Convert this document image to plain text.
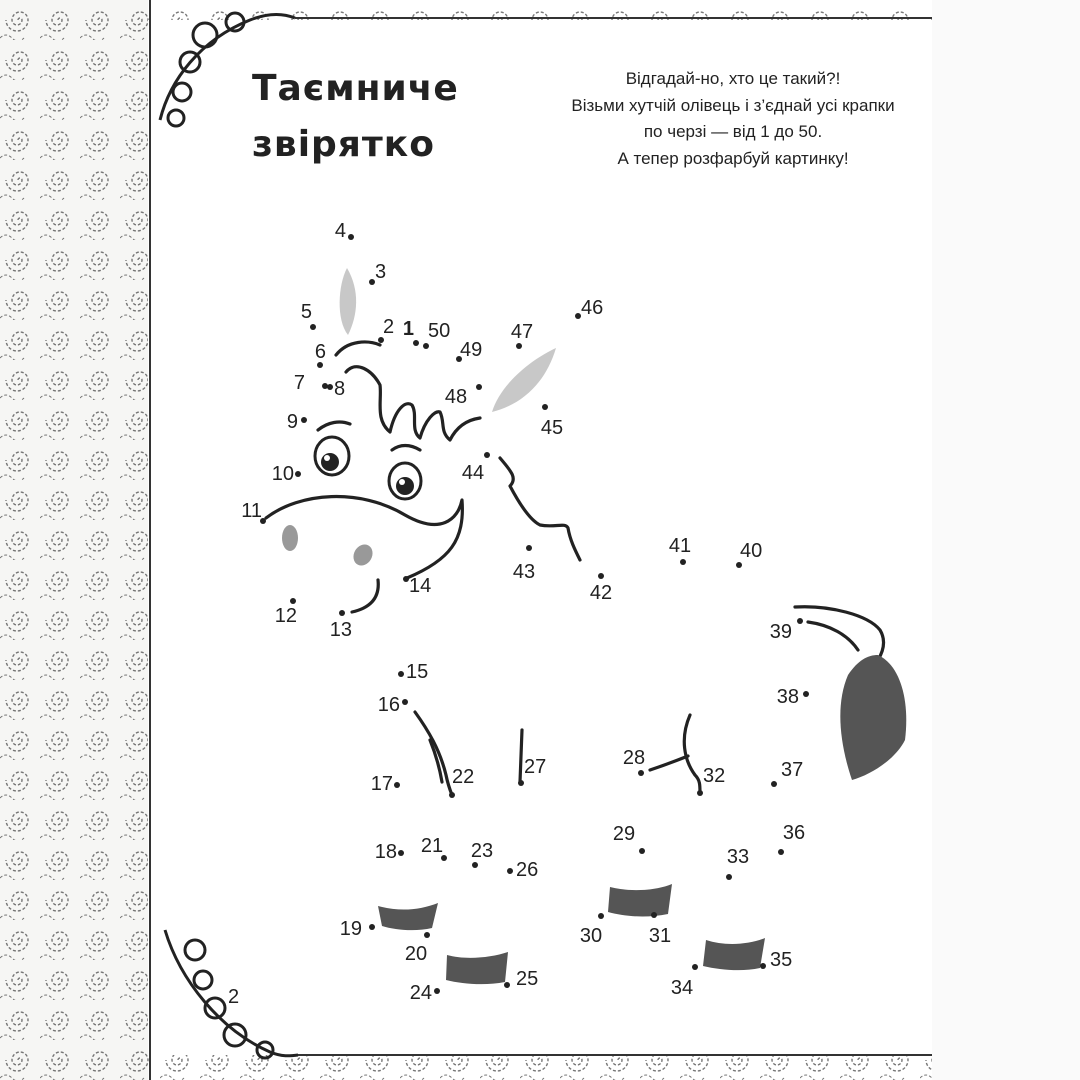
Таємниче
звірятко
Відгадай-но, хто це такий?!
Візьми хутчій олівець і з’єднай усі крапки
по черзі — від 1 до 50.
А тепер розфарбуй картинку!
1
2
3
4
5
6
7 8
9
10
11
12
13
14
15
16
17
18
19
20
21
22
23
24
25
26
27	28
29
30 31
32
33
34
35
36
37
38
39
40
41
42
43
44
45
46
47
48
49
50
2
